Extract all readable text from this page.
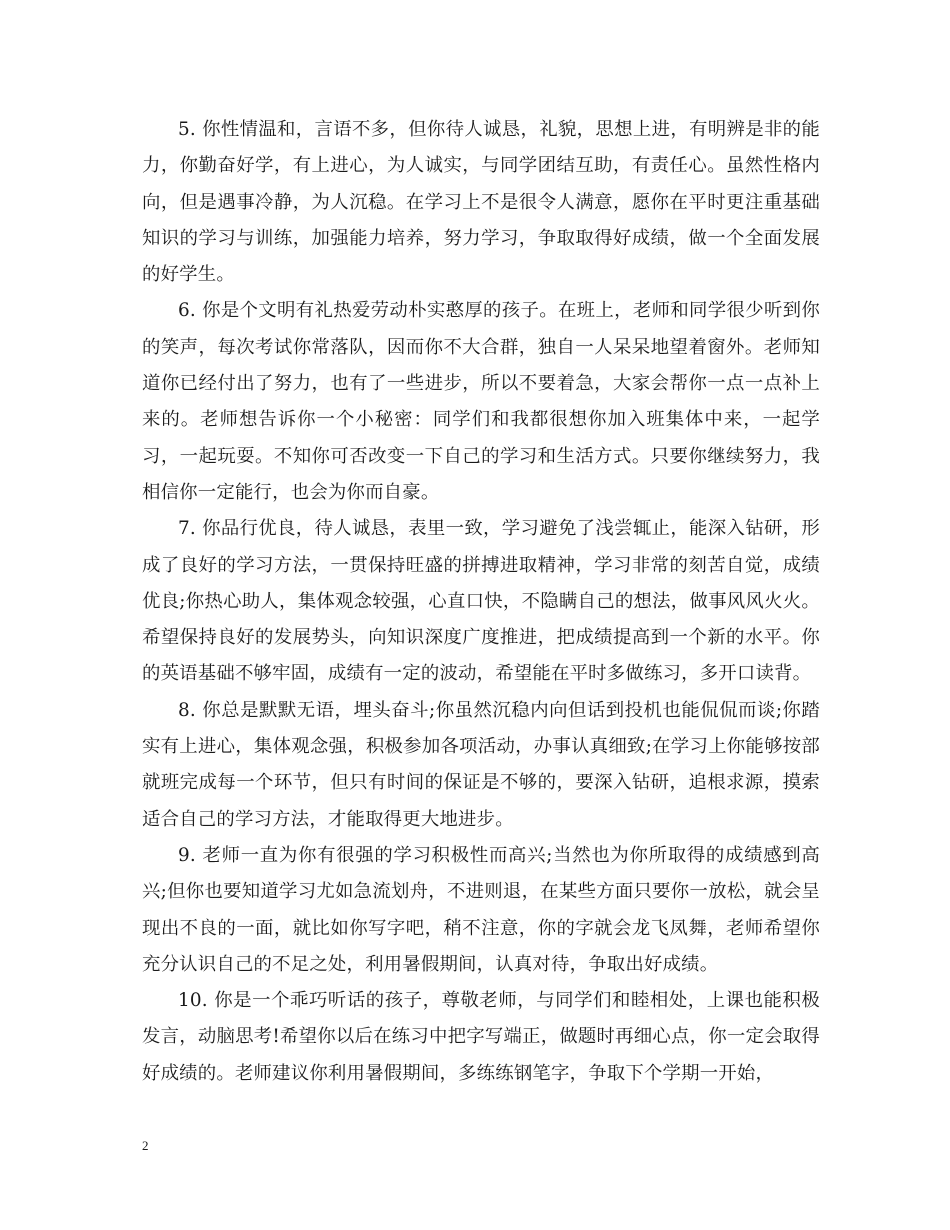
5. 你性情温和，言语不多，但你待人诚恳，礼貌，思想上进，有明辨是非的能力，你勤奋好学，有上进心，为人诚实，与同学团结互助，有责任心。虽然性格内向，但是遇事冷静，为人沉稳。在学习上不是很令人满意，愿你在平时更注重基础知识的学习与训练，加强能力培养，努力学习，争取取得好成绩，做一个全面发展的好学生。

6. 你是个文明有礼热爱劳动朴实憨厚的孩子。在班上，老师和同学很少听到你的笑声，每次考试你常落队，因而你不大合群，独自一人呆呆地望着窗外。老师知道你已经付出了努力，也有了一些进步，所以不要着急，大家会帮你一点一点补上来的。老师想告诉你一个小秘密：同学们和我都很想你加入班集体中来，一起学习，一起玩耍。不知你可否改变一下自己的学习和生活方式。只要你继续努力，我相信你一定能行，也会为你而自豪。

7. 你品行优良，待人诚恳，表里一致，学习避免了浅尝辄止，能深入钻研，形成了良好的学习方法，一贯保持旺盛的拼搏进取精神，学习非常的刻苦自觉，成绩优良;你热心助人，集体观念较强，心直口快，不隐瞒自己的想法，做事风风火火。希望保持良好的发展势头，向知识深度广度推进，把成绩提高到一个新的水平。你的英语基础不够牢固，成绩有一定的波动，希望能在平时多做练习，多开口读背。

8. 你总是默默无语，埋头奋斗;你虽然沉稳内向但话到投机也能侃侃而谈;你踏实有上进心，集体观念强，积极参加各项活动，办事认真细致;在学习上你能够按部就班完成每一个环节，但只有时间的保证是不够的，要深入钻研，追根求源，摸索适合自己的学习方法，才能取得更大地进步。

9. 老师一直为你有很强的学习积极性而高兴;当然也为你所取得的成绩感到高兴;但你也要知道学习尤如急流划舟，不进则退，在某些方面只要你一放松，就会呈现出不良的一面，就比如你写字吧，稍不注意，你的字就会龙飞凤舞，老师希望你充分认识自己的不足之处，利用暑假期间，认真对待，争取出好成绩。

10. 你是一个乖巧听话的孩子，尊敬老师，与同学们和睦相处，上课也能积极发言，动脑思考!希望你以后在练习中把字写端正，做题时再细心点，你一定会取得好成绩的。老师建议你利用暑假期间，多练练钢笔字，争取下个学期一开始，

2
